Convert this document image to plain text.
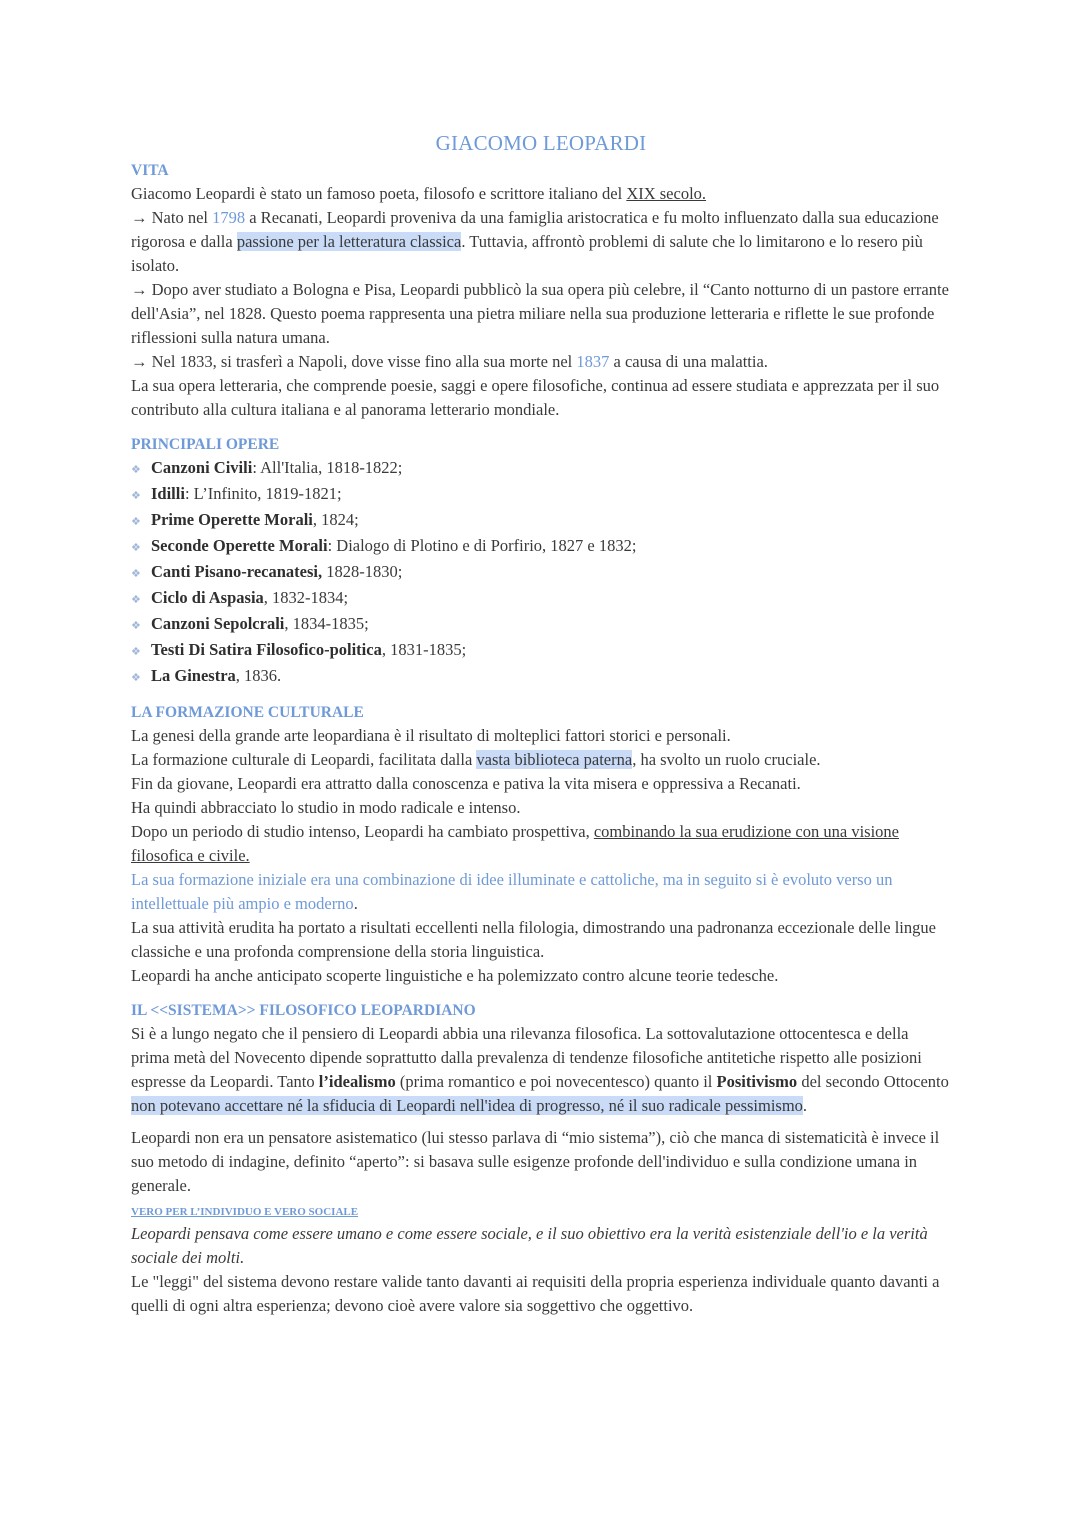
GIACOMO LEOPARDI
VITA

Giacomo Leopardi è stato un famoso poeta, filosofo e scrittore italiano del XIX secolo.

→ Nato nel 1798 a Recanati, Leopardi proveniva da una famiglia aristocratica e fu molto influenzato dalla sua educazione rigorosa e dalla passione per la letteratura classica. Tuttavia, affrontò problemi di salute che lo limitarono e lo resero più isolato.

→ Dopo aver studiato a Bologna e Pisa, Leopardi pubblicò la sua opera più celebre, il “Canto notturno di un pastore errante dell'Asia”, nel 1828. Questo poema rappresenta una pietra miliare nella sua produzione letteraria e riflette le sue profonde riflessioni sulla natura umana.

→ Nel 1833, si trasferì a Napoli, dove visse fino alla sua morte nel 1837 a causa di una malattia.

La sua opera letteraria, che comprende poesie, saggi e opere filosofiche, continua ad essere studiata e apprezzata per il suo contributo alla cultura italiana e al panorama letterario mondiale.

PRINCIPALI OPERE
❖ Canzoni Civili: All'Italia, 1818-1822;
❖ Idilli: L’Infinito, 1819-1821;
❖ Prime Operette Morali, 1824;
❖ Seconde Operette Morali: Dialogo di Plotino e di Porfirio, 1827 e 1832;
❖ Canti Pisano-recanatesi, 1828-1830;
❖ Ciclo di Aspasia, 1832-1834;
❖ Canzoni Sepolcrali, 1834-1835;
❖ Testi Di Satira Filosofico-politica, 1831-1835;
❖ La Ginestra, 1836.
LA FORMAZIONE CULTURALE

La genesi della grande arte leopardiana è il risultato di molteplici fattori storici e personali.

La formazione culturale di Leopardi, facilitata dalla vasta biblioteca paterna, ha svolto un ruolo cruciale.

Fin da giovane, Leopardi era attratto dalla conoscenza e pativa la vita misera e oppressiva a Recanati.

Ha quindi abbracciato lo studio in modo radicale e intenso.

Dopo un periodo di studio intenso, Leopardi ha cambiato prospettiva, combinando la sua erudizione con una visione filosofica e civile.

La sua formazione iniziale era una combinazione di idee illuminate e cattoliche, ma in seguito si è evoluto verso un intellettuale più ampio e moderno.

La sua attività erudita ha portato a risultati eccellenti nella filologia, dimostrando una padronanza eccezionale delle lingue classiche e una profonda comprensione della storia linguistica.

Leopardi ha anche anticipato scoperte linguistiche e ha polemizzato contro alcune teorie tedesche.

IL <<SISTEMA>> FILOSOFICO LEOPARDIANO

Si è a lungo negato che il pensiero di Leopardi abbia una rilevanza filosofica. La sottovalutazione ottocentesca e della prima metà del Novecento dipende soprattutto dalla prevalenza di tendenze filosofiche antitetiche rispetto alle posizioni espresse da Leopardi. Tanto l’idealismo (prima romantico e poi novecentesco) quanto il Positivismo del secondo Ottocento non potevano accettare né la sfiducia di Leopardi nell'idea di progresso, né il suo radicale pessimismo.

Leopardi non era un pensatore asistematico (lui stesso parlava di “mio sistema”), ciò che manca di sistematicità è invece il suo metodo di indagine, definito “aperto”: si basava sulle esigenze profonde dell'individuo e sulla condizione umana in generale.

VERO PER L’INDIVIDUO E VERO SOCIALE

Leopardi pensava come essere umano e come essere sociale, e il suo obiettivo era la verità esistenziale dell'io e la verità sociale dei molti.

Le "leggi" del sistema devono restare valide tanto davanti ai requisiti della propria esperienza individuale quanto davanti a quelli di ogni altra esperienza; devono cioè avere valore sia soggettivo che oggettivo.
